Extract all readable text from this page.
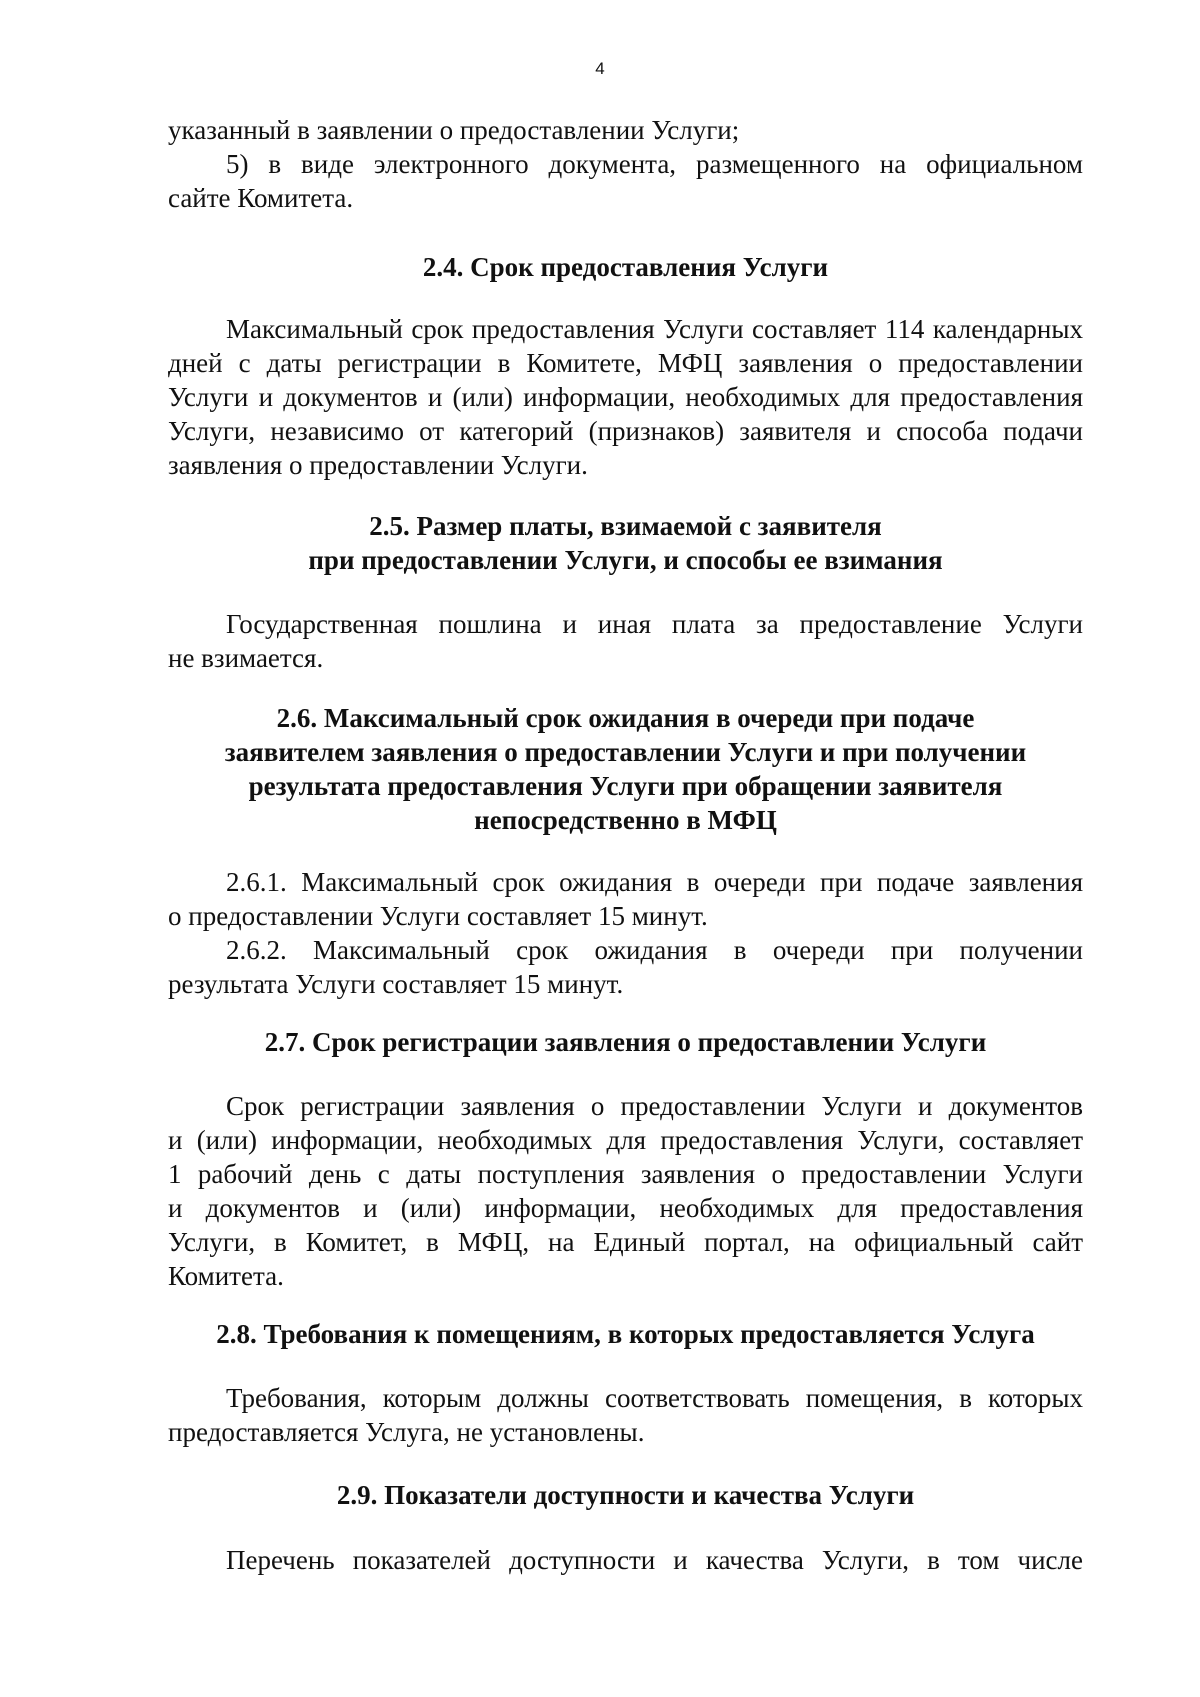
4
указанный в заявлении о предоставлении Услуги;
5) в виде электронного документа, размещенного на официальном
сайте Комитета.
2.4. Срок предоставления Услуги
Максимальный срок предоставления Услуги составляет 114 календарных
дней с даты регистрации в Комитете, МФЦ заявления о предоставлении
Услуги и документов и (или) информации, необходимых для предоставления
Услуги, независимо от категорий (признаков) заявителя и способа подачи
заявления о предоставлении Услуги.
2.5. Размер платы, взимаемой с заявителя
при предоставлении Услуги, и способы ее взимания
Государственная пошлина и иная плата за предоставление Услуги
не взимается.
2.6. Максимальный срок ожидания в очереди при подаче
заявителем заявления о предоставлении Услуги и при получении
результата предоставления Услуги при обращении заявителя
непосредственно в МФЦ
2.6.1. Максимальный срок ожидания в очереди при подаче заявления
о предоставлении Услуги составляет 15 минут.
2.6.2. Максимальный срок ожидания в очереди при получении
результата Услуги составляет 15 минут.
2.7. Срок регистрации заявления о предоставлении Услуги
Срок регистрации заявления о предоставлении Услуги и документов
и (или) информации, необходимых для предоставления Услуги, составляет
1 рабочий день с даты поступления заявления о предоставлении Услуги
и документов и (или) информации, необходимых для предоставления
Услуги, в Комитет, в МФЦ, на Единый портал, на официальный сайт
Комитета.
2.8. Требования к помещениям, в которых предоставляется Услуга
Требования, которым должны соответствовать помещения, в которых
предоставляется Услуга, не установлены.
2.9. Показатели доступности и качества Услуги
Перечень показателей доступности и качества Услуги, в том числе
